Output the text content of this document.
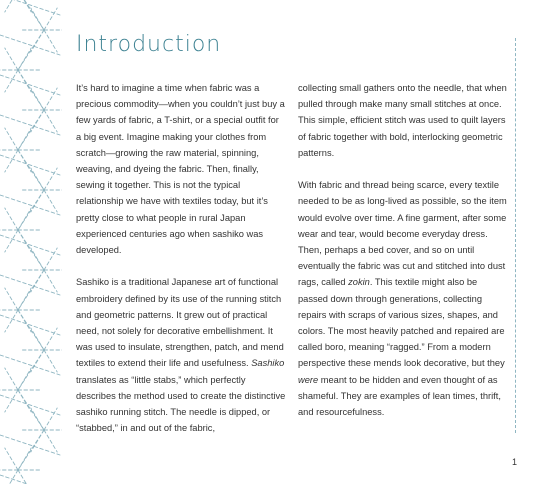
Introduction

It’s hard to imagine a time when fabric was a precious commodity—when you couldn’t just buy a few yards of fabric, a T-shirt, or a special outfit for a big event. Imagine making your clothes from scratch—growing the raw material, spinning, weaving, and dyeing the fabric. Then, finally, sewing it together. This is not the typical relationship we have with textiles today, but it’s pretty close to what people in rural Japan experienced centuries ago when sashiko was developed.

Sashiko is a traditional Japanese art of functional embroidery defined by its use of the running stitch and geometric patterns. It grew out of practical need, not solely for decorative embellishment. It was used to insulate, strengthen, patch, and mend textiles to extend their life and usefulness. Sashiko translates as “little stabs,” which perfectly describes the method used to create the distinctive sashiko running stitch. The needle is dipped, or “stabbed,” in and out of the fabric,

collecting small gathers onto the needle, that when pulled through make many small stitches at once. This simple, efficient stitch was used to quilt layers of fabric together with bold, interlocking geometric patterns.

With fabric and thread being scarce, every textile needed to be as long-lived as possible, so the item would evolve over time. A fine garment, after some wear and tear, would become everyday dress. Then, perhaps a bed cover, and so on until eventually the fabric was cut and stitched into dust rags, called zokin. This textile might also be passed down through generations, collecting repairs with scraps of various sizes, shapes, and colors. The most heavily patched and repaired are called boro, meaning “ragged.” From a modern perspective these mends look decorative, but they were meant to be hidden and even thought of as shameful. They are examples of lean times, thrift, and resourcefulness.

1
